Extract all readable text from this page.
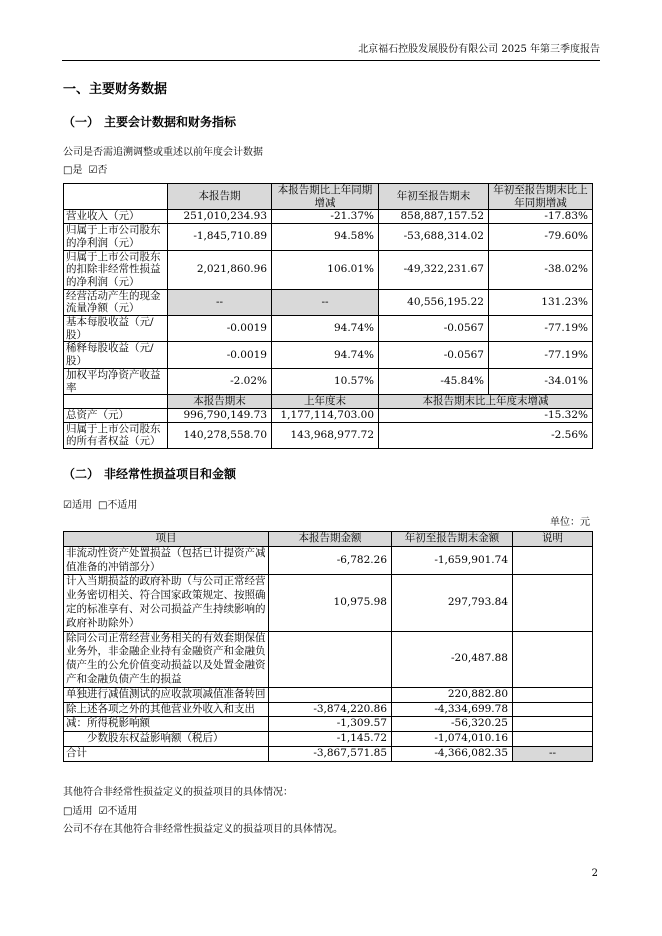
北京福石控股发展股份有限公司 2025 年第三季度报告
一、主要财务数据
（一） 主要会计数据和财务指标
公司是否需追溯调整或重述以前年度会计数据
□是 ☑否
	本报告期	本报告期比上年同期增减	年初至报告期末	年初至报告期末比上年同期增减
营业收入（元）	251,010,234.93	-21.37%	858,887,157.52	-17.83%
归属于上市公司股东的净利润（元）	-1,845,710.89	94.58%	-53,688,314.02	-79.60%
归属于上市公司股东的扣除非经常性损益的净利润（元）	2,021,860.96	106.01%	-49,322,231.67	-38.02%
经营活动产生的现金流量净额（元）	--	--	40,556,195.22	131.23%
基本每股收益（元/股）	-0.0019	94.74%	-0.0567	-77.19%
稀释每股收益（元/股）	-0.0019	94.74%	-0.0567	-77.19%
加权平均净资产收益率	-2.02%	10.57%	-45.84%	-34.01%
	本报告期末	上年度末	本报告期末比上年度末增减	
总资产（元）	996,790,149.73	1,177,114,703.00	-15.32%	
归属于上市公司股东的所有者权益（元）	140,278,558.70	143,968,977.72	-2.56%	
（二） 非经常性损益项目和金额
☑适用 □不适用
单位：元
项目	本报告期金额	年初至报告期末金额	说明
非流动性资产处置损益（包括已计提资产减值准备的冲销部分）	-6,782.26	-1,659,901.74	
计入当期损益的政府补助（与公司正常经营业务密切相关、符合国家政策规定、按照确定的标准享有、对公司损益产生持续影响的政府补助除外）	10,975.98	297,793.84	
除同公司正常经营业务相关的有效套期保值业务外，非金融企业持有金融资产和金融负债产生的公允价值变动损益以及处置金融资产和金融负债产生的损益		-20,487.88	
单独进行减值测试的应收款项减值准备转回		220,882.80	
除上述各项之外的其他营业外收入和支出	-3,874,220.86	-4,334,699.78	
减：所得税影响额	-1,309.57	-56,320.25	
少数股东权益影响额（税后）	-1,145.72	-1,074,010.16	
合计	-3,867,571.85	-4,366,082.35	--
其他符合非经常性损益定义的损益项目的具体情况：
□适用 ☑不适用
公司不存在其他符合非经常性损益定义的损益项目的具体情况。
2
